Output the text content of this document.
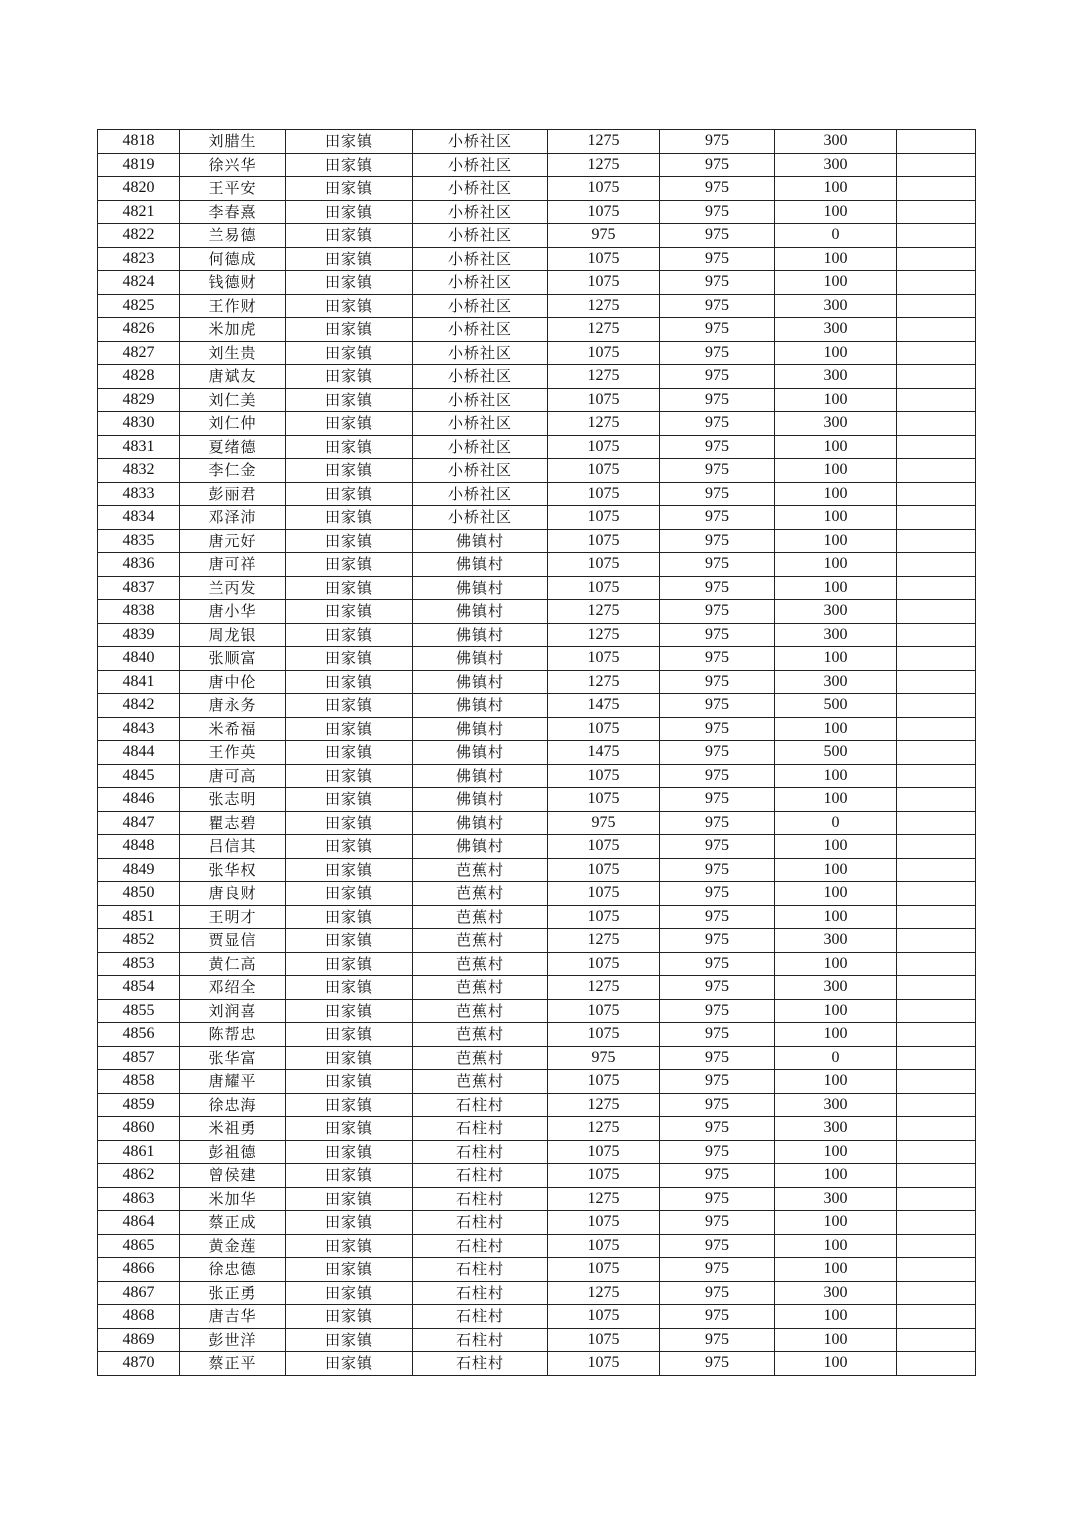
4818	刘腊生	田家镇	小桥社区	1275	975	300	
4819	徐兴华	田家镇	小桥社区	1275	975	300	
4820	王平安	田家镇	小桥社区	1075	975	100	
4821	李春熹	田家镇	小桥社区	1075	975	100	
4822	兰易德	田家镇	小桥社区	975	975	0	
4823	何德成	田家镇	小桥社区	1075	975	100	
4824	钱德财	田家镇	小桥社区	1075	975	100	
4825	王作财	田家镇	小桥社区	1275	975	300	
4826	米加虎	田家镇	小桥社区	1275	975	300	
4827	刘生贵	田家镇	小桥社区	1075	975	100	
4828	唐斌友	田家镇	小桥社区	1275	975	300	
4829	刘仁美	田家镇	小桥社区	1075	975	100	
4830	刘仁仲	田家镇	小桥社区	1275	975	300	
4831	夏绪德	田家镇	小桥社区	1075	975	100	
4832	李仁金	田家镇	小桥社区	1075	975	100	
4833	彭丽君	田家镇	小桥社区	1075	975	100	
4834	邓泽沛	田家镇	小桥社区	1075	975	100	
4835	唐元好	田家镇	佛镇村	1075	975	100	
4836	唐可祥	田家镇	佛镇村	1075	975	100	
4837	兰丙发	田家镇	佛镇村	1075	975	100	
4838	唐小华	田家镇	佛镇村	1275	975	300	
4839	周龙银	田家镇	佛镇村	1275	975	300	
4840	张顺富	田家镇	佛镇村	1075	975	100	
4841	唐中伦	田家镇	佛镇村	1275	975	300	
4842	唐永务	田家镇	佛镇村	1475	975	500	
4843	米希福	田家镇	佛镇村	1075	975	100	
4844	王作英	田家镇	佛镇村	1475	975	500	
4845	唐可高	田家镇	佛镇村	1075	975	100	
4846	张志明	田家镇	佛镇村	1075	975	100	
4847	瞿志碧	田家镇	佛镇村	975	975	0	
4848	吕信其	田家镇	佛镇村	1075	975	100	
4849	张华权	田家镇	芭蕉村	1075	975	100	
4850	唐良财	田家镇	芭蕉村	1075	975	100	
4851	王明才	田家镇	芭蕉村	1075	975	100	
4852	贾显信	田家镇	芭蕉村	1275	975	300	
4853	黄仁高	田家镇	芭蕉村	1075	975	100	
4854	邓绍全	田家镇	芭蕉村	1275	975	300	
4855	刘润喜	田家镇	芭蕉村	1075	975	100	
4856	陈帮忠	田家镇	芭蕉村	1075	975	100	
4857	张华富	田家镇	芭蕉村	975	975	0	
4858	唐耀平	田家镇	芭蕉村	1075	975	100	
4859	徐忠海	田家镇	石柱村	1275	975	300	
4860	米祖勇	田家镇	石柱村	1275	975	300	
4861	彭祖德	田家镇	石柱村	1075	975	100	
4862	曾侯建	田家镇	石柱村	1075	975	100	
4863	米加华	田家镇	石柱村	1275	975	300	
4864	蔡正成	田家镇	石柱村	1075	975	100	
4865	黄金莲	田家镇	石柱村	1075	975	100	
4866	徐忠德	田家镇	石柱村	1075	975	100	
4867	张正勇	田家镇	石柱村	1275	975	300	
4868	唐吉华	田家镇	石柱村	1075	975	100	
4869	彭世洋	田家镇	石柱村	1075	975	100	
4870	蔡正平	田家镇	石柱村	1075	975	100	
